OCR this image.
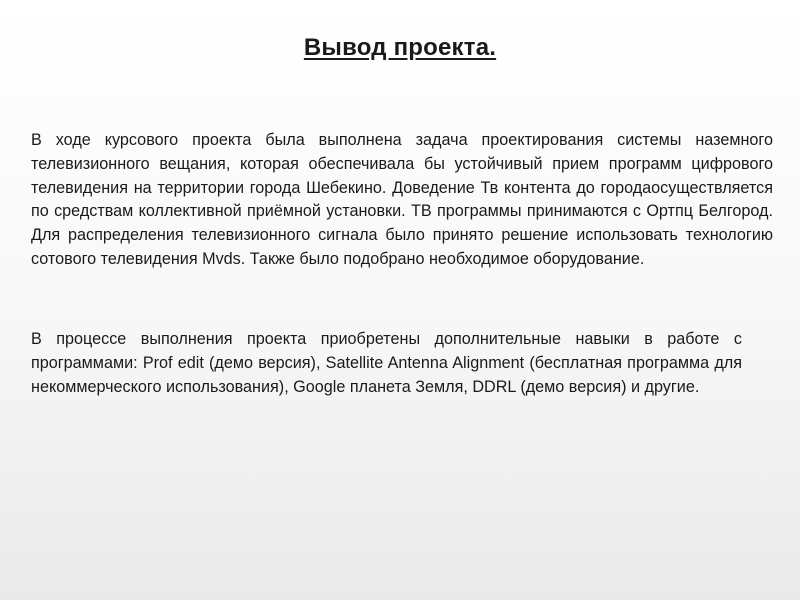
Вывод проекта.

В ходе курсового проекта была выполнена задача проектирования системы наземного телевизионного вещания, которая обеспечивала бы устойчивый прием программ цифрового телевидения на территории города Шебекино. Доведение Тв контента до городаосуществляется по средствам коллективной приёмной установки. ТВ программы принимаются с Ортпц Белгород. Для распределения телевизионного сигнала было принято решение использовать технологию сотового телевидения Mvds. Также было подобрано необходимое оборудование.

В процессе выполнения проекта приобретены дополнительные навыки в работе с программами: Prof edit (демо версия), Satellite Antenna Alignment (бесплатная программа для некоммерческого использования), Google планета Земля, DDRL (демо версия) и другие.
